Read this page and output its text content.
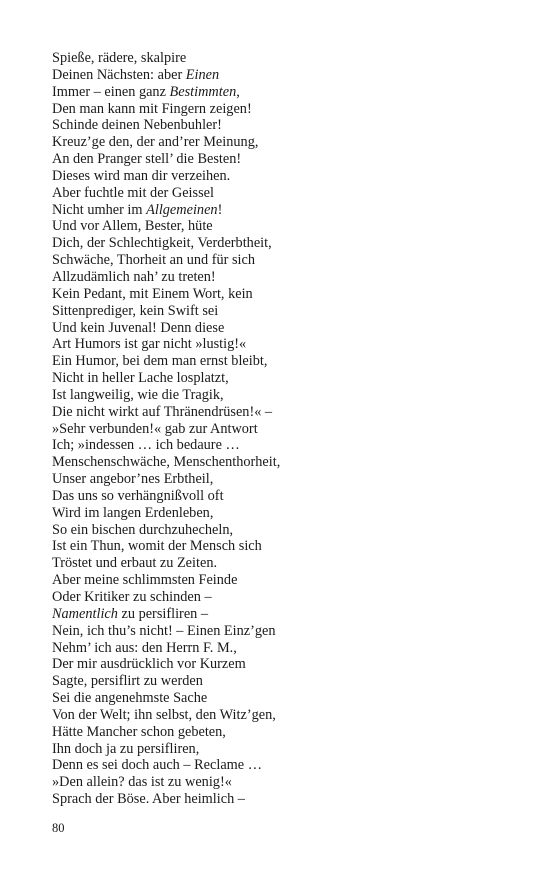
Spieße, rädere, skalpire
Deinen Nächsten: aber Einen
Immer – einen ganz Bestimmten,
Den man kann mit Fingern zeigen!
Schinde deinen Nebenbuhler!
Kreuz’ge den, der and’rer Meinung,
An den Pranger stell’ die Besten!
Dieses wird man dir verzeihen.
Aber fuchtle mit der Geissel
Nicht umher im Allgemeinen!
Und vor Allem, Bester, hüte
Dich, der Schlechtigkeit, Verderbtheit,
Schwäche, Thorheit an und für sich
Allzudämlich nah’ zu treten!
Kein Pedant, mit Einem Wort, kein
Sittenprediger, kein Swift sei
Und kein Juvenal! Denn diese
Art Humors ist gar nicht »lustig!«
Ein Humor, bei dem man ernst bleibt,
Nicht in heller Lache losplatzt,
Ist langweilig, wie die Tragik,
Die nicht wirkt auf Thränendrüsen!« –
»Sehr verbunden!« gab zur Antwort
Ich; »indessen … ich bedaure …
Menschenschwäche, Menschenthorheit,
Unser angebor’nes Erbtheil,
Das uns so verhängnißvoll oft
Wird im langen Erdenleben,
So ein bischen durchzuhecheln,
Ist ein Thun, womit der Mensch sich
Tröstet und erbaut zu Zeiten.
Aber meine schlimmsten Feinde
Oder Kritiker zu schinden –
Namentlich zu persifliren –
Nein, ich thu’s nicht! – Einen Einz’gen
Nehm’ ich aus: den Herrn F. M.,
Der mir ausdrücklich vor Kurzem
Sagte, persiflirt zu werden
Sei die angenehmste Sache
Von der Welt; ihn selbst, den Witz’gen,
Hätte Mancher schon gebeten,
Ihn doch ja zu persifliren,
Denn es sei doch auch – Reclame …
»Den allein? das ist zu wenig!«
Sprach der Böse. Aber heimlich –
80
